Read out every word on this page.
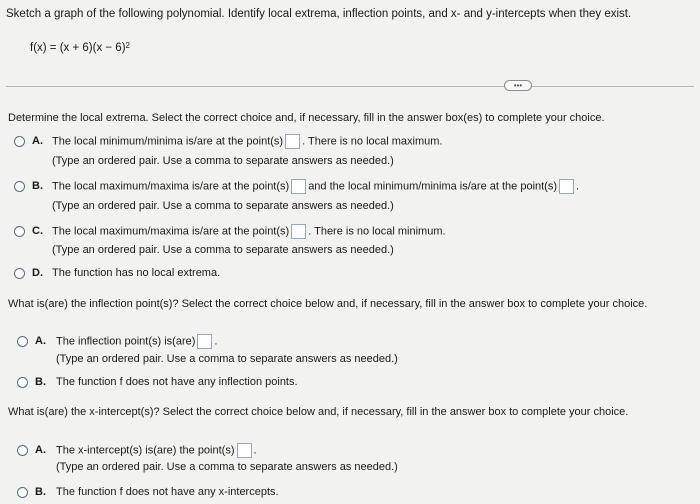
Sketch a graph of the following polynomial. Identify local extrema, inflection points, and x- and y-intercepts when they exist.
$f(x) = (x + 6)(x - 6)^2$
•••
Determine the local extrema. Select the correct choice and, if necessary, fill in the answer box(es) to complete your choice.
A. The local minimum/minima is/are at the point(s) . There is no local maximum.
(Type an ordered pair. Use a comma to separate answers as needed.)
B. The local maximum/maxima is/are at the point(s) and the local minimum/minima is/are at the point(s) .
(Type an ordered pair. Use a comma to separate answers as needed.)
C. The local maximum/maxima is/are at the point(s) . There is no local minimum.
(Type an ordered pair. Use a comma to separate answers as needed.)
D. The function has no local extrema.
What is(are) the inflection point(s)? Select the correct choice below and, if necessary, fill in the answer box to complete your choice.
A. The inflection point(s) is(are) .
(Type an ordered pair. Use a comma to separate answers as needed.)
B. The function f does not have any inflection points.
What is(are) the x-intercept(s)? Select the correct choice below and, if necessary, fill in the answer box to complete your choice.
A. The x-intercept(s) is(are) the point(s) .
(Type an ordered pair. Use a comma to separate answers as needed.)
B. The function f does not have any x-intercepts.
